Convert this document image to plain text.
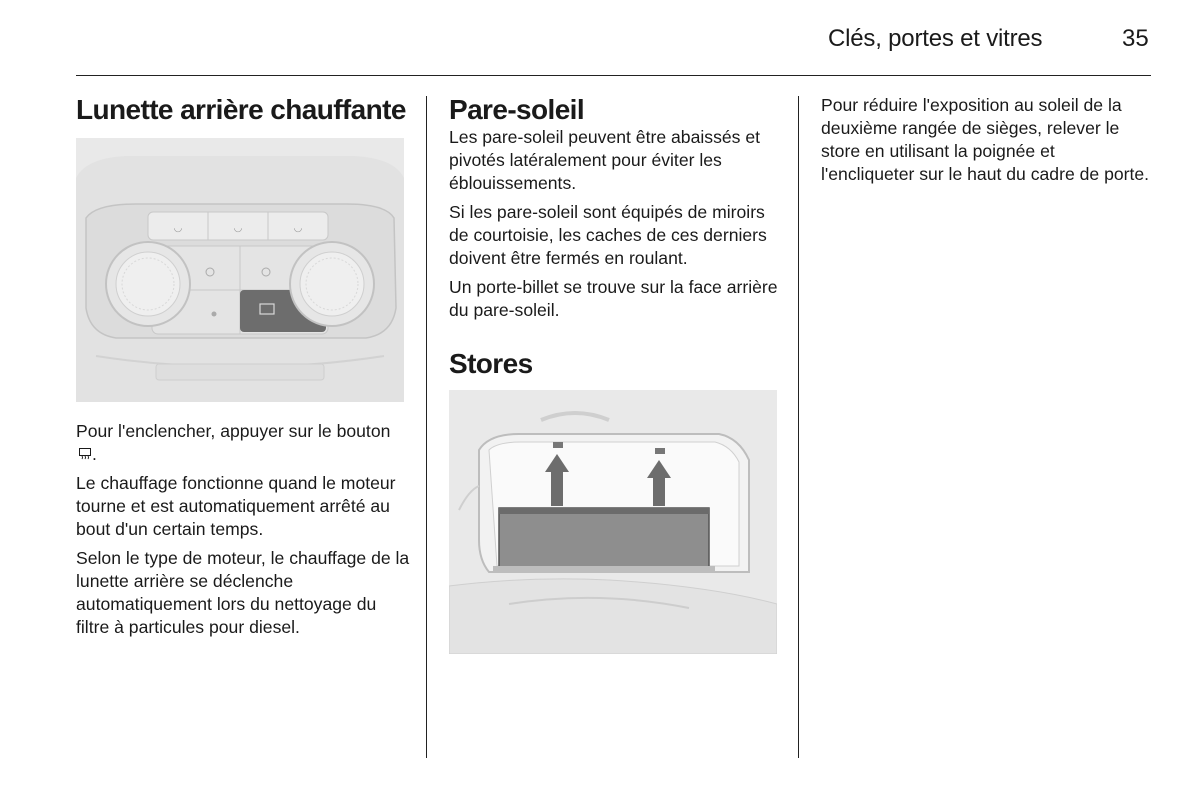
Clés, portes et vitres	35
Lunette arrière chauffante
◡	◡	◡

Pour l'enclencher, appuyer sur le bouton .

Le chauffage fonctionne quand le moteur tourne et est automatiquement arrêté au bout d'un certain temps.

Selon le type de moteur, le chauffage de la lunette arrière se déclenche automatiquement lors du nettoyage du filtre à particules pour diesel.

Pare-soleil

Les pare-soleil peuvent être abaissés et pivotés latéralement pour éviter les éblouissements.

Si les pare-soleil sont équipés de miroirs de courtoisie, les caches de ces derniers doivent être fermés en roulant.

Un porte-billet se trouve sur la face arrière du pare-soleil.

Stores

Pour réduire l'exposition au soleil de la deuxième rangée de sièges, relever le store en utilisant la poignée et l'encliqueter sur le haut du cadre de porte.
